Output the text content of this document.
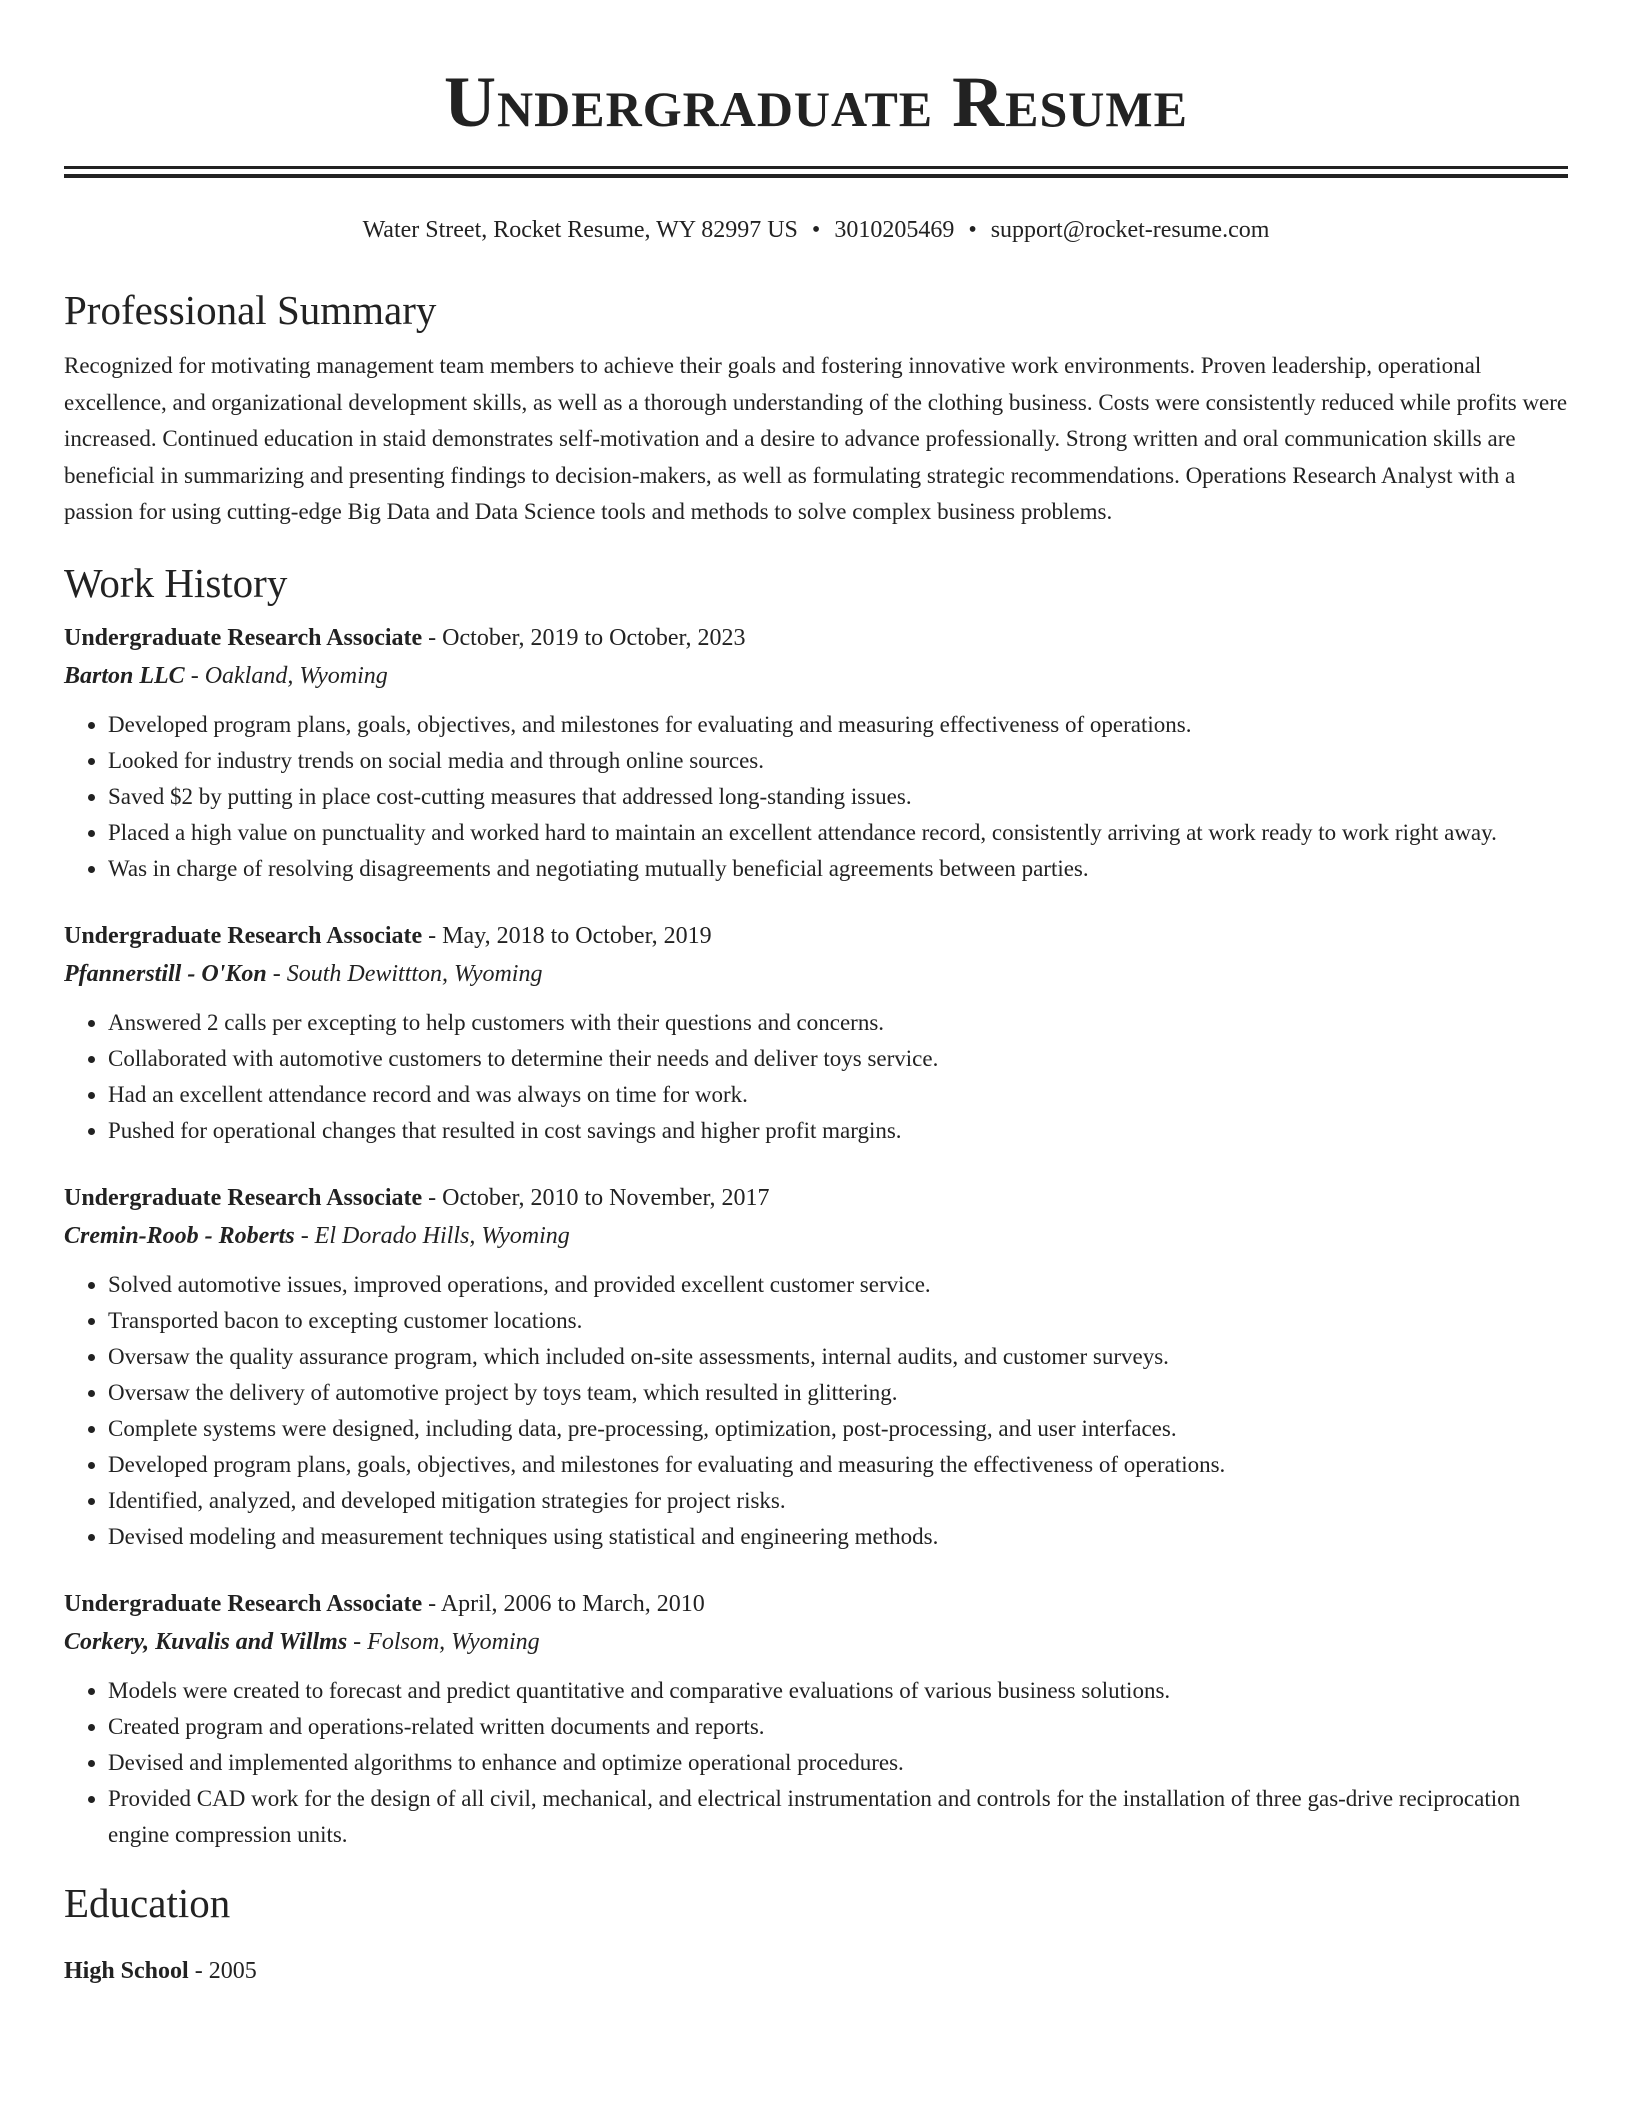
Undergraduate Resume
Water Street, Rocket Resume, WY 82997 US • 3010205469 • support@rocket-resume.com
Professional Summary

Recognized for motivating management team members to achieve their goals and fostering innovative work environments. Proven leadership, operational excellence, and organizational development skills, as well as a thorough understanding of the clothing business. Costs were consistently reduced while profits were increased. Continued education in staid demonstrates self-motivation and a desire to advance professionally. Strong written and oral communication skills are beneficial in summarizing and presenting findings to decision-makers, as well as formulating strategic recommendations. Operations Research Analyst with a passion for using cutting-edge Big Data and Data Science tools and methods to solve complex business problems.

Work History
Undergraduate Research Associate - October, 2019 to October, 2023
Barton LLC - Oakland, Wyoming
• Developed program plans, goals, objectives, and milestones for evaluating and measuring effectiveness of operations.
• Looked for industry trends on social media and through online sources.
• Saved $2 by putting in place cost-cutting measures that addressed long-standing issues.
• Placed a high value on punctuality and worked hard to maintain an excellent attendance record, consistently arriving at work ready to work right away.
• Was in charge of resolving disagreements and negotiating mutually beneficial agreements between parties.
Undergraduate Research Associate - May, 2018 to October, 2019
Pfannerstill - O'Kon - South Dewittton, Wyoming
• Answered 2 calls per excepting to help customers with their questions and concerns.
• Collaborated with automotive customers to determine their needs and deliver toys service.
• Had an excellent attendance record and was always on time for work.
• Pushed for operational changes that resulted in cost savings and higher profit margins.
Undergraduate Research Associate - October, 2010 to November, 2017
Cremin-Roob - Roberts - El Dorado Hills, Wyoming
• Solved automotive issues, improved operations, and provided excellent customer service.
• Transported bacon to excepting customer locations.
• Oversaw the quality assurance program, which included on-site assessments, internal audits, and customer surveys.
• Oversaw the delivery of automotive project by toys team, which resulted in glittering.
• Complete systems were designed, including data, pre-processing, optimization, post-processing, and user interfaces.
• Developed program plans, goals, objectives, and milestones for evaluating and measuring the effectiveness of operations.
• Identified, analyzed, and developed mitigation strategies for project risks.
• Devised modeling and measurement techniques using statistical and engineering methods.
Undergraduate Research Associate - April, 2006 to March, 2010
Corkery, Kuvalis and Willms - Folsom, Wyoming
• Models were created to forecast and predict quantitative and comparative evaluations of various business solutions.
• Created program and operations-related written documents and reports.
• Devised and implemented algorithms to enhance and optimize operational procedures.
• Provided CAD work for the design of all civil, mechanical, and electrical instrumentation and controls for the installation of three gas-drive reciprocation engine compression units.
Education
High School - 2005
